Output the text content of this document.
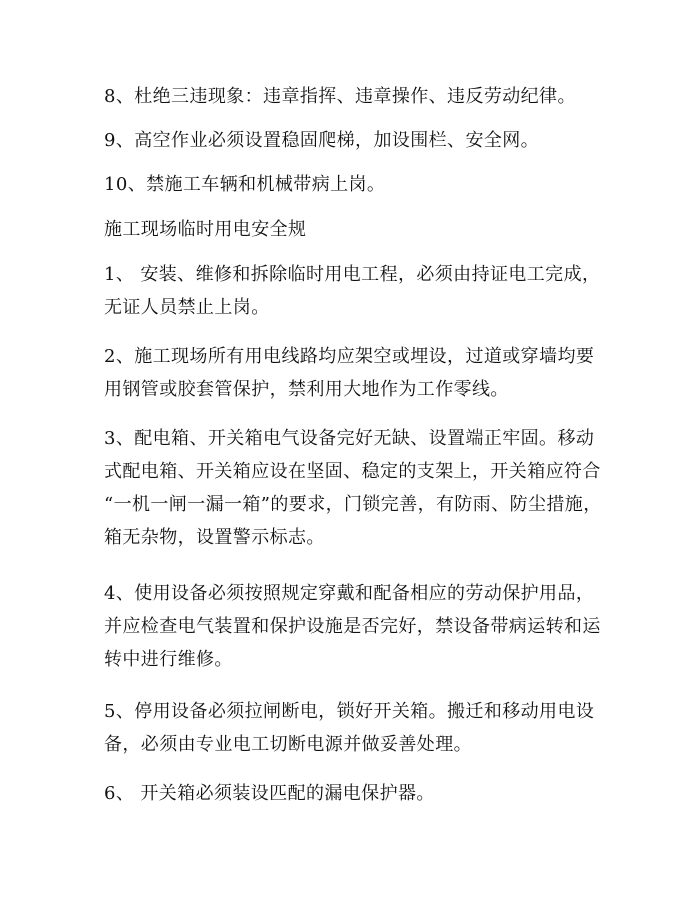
8、杜绝三违现象：违章指挥、违章操作、违反劳动纪律。

9、高空作业必须设置稳固爬梯，加设围栏、安全网。

10、禁施工车辆和机械带病上岗。

施工现场临时用电安全规

1、 安装、维修和拆除临时用电工程，必须由持证电工完成，
无证人员禁止上岗。

2、施工现场所有用电线路均应架空或埋设，过道或穿墙均要
用钢管或胶套管保护，禁利用大地作为工作零线。

3、配电箱、开关箱电气设备完好无缺、设置端正牢固。移动
式配电箱、开关箱应设在坚固、稳定的支架上，开关箱应符合
“一机一闸一漏一箱”的要求，门锁完善，有防雨、防尘措施，
箱无杂物，设置警示标志。

4、使用设备必须按照规定穿戴和配备相应的劳动保护用品，
并应检查电气装置和保护设施是否完好，禁设备带病运转和运
转中进行维修。

5、停用设备必须拉闸断电，锁好开关箱。搬迁和移动用电设
备，必须由专业电工切断电源并做妥善处理。

6、 开关箱必须装设匹配的漏电保护器。
